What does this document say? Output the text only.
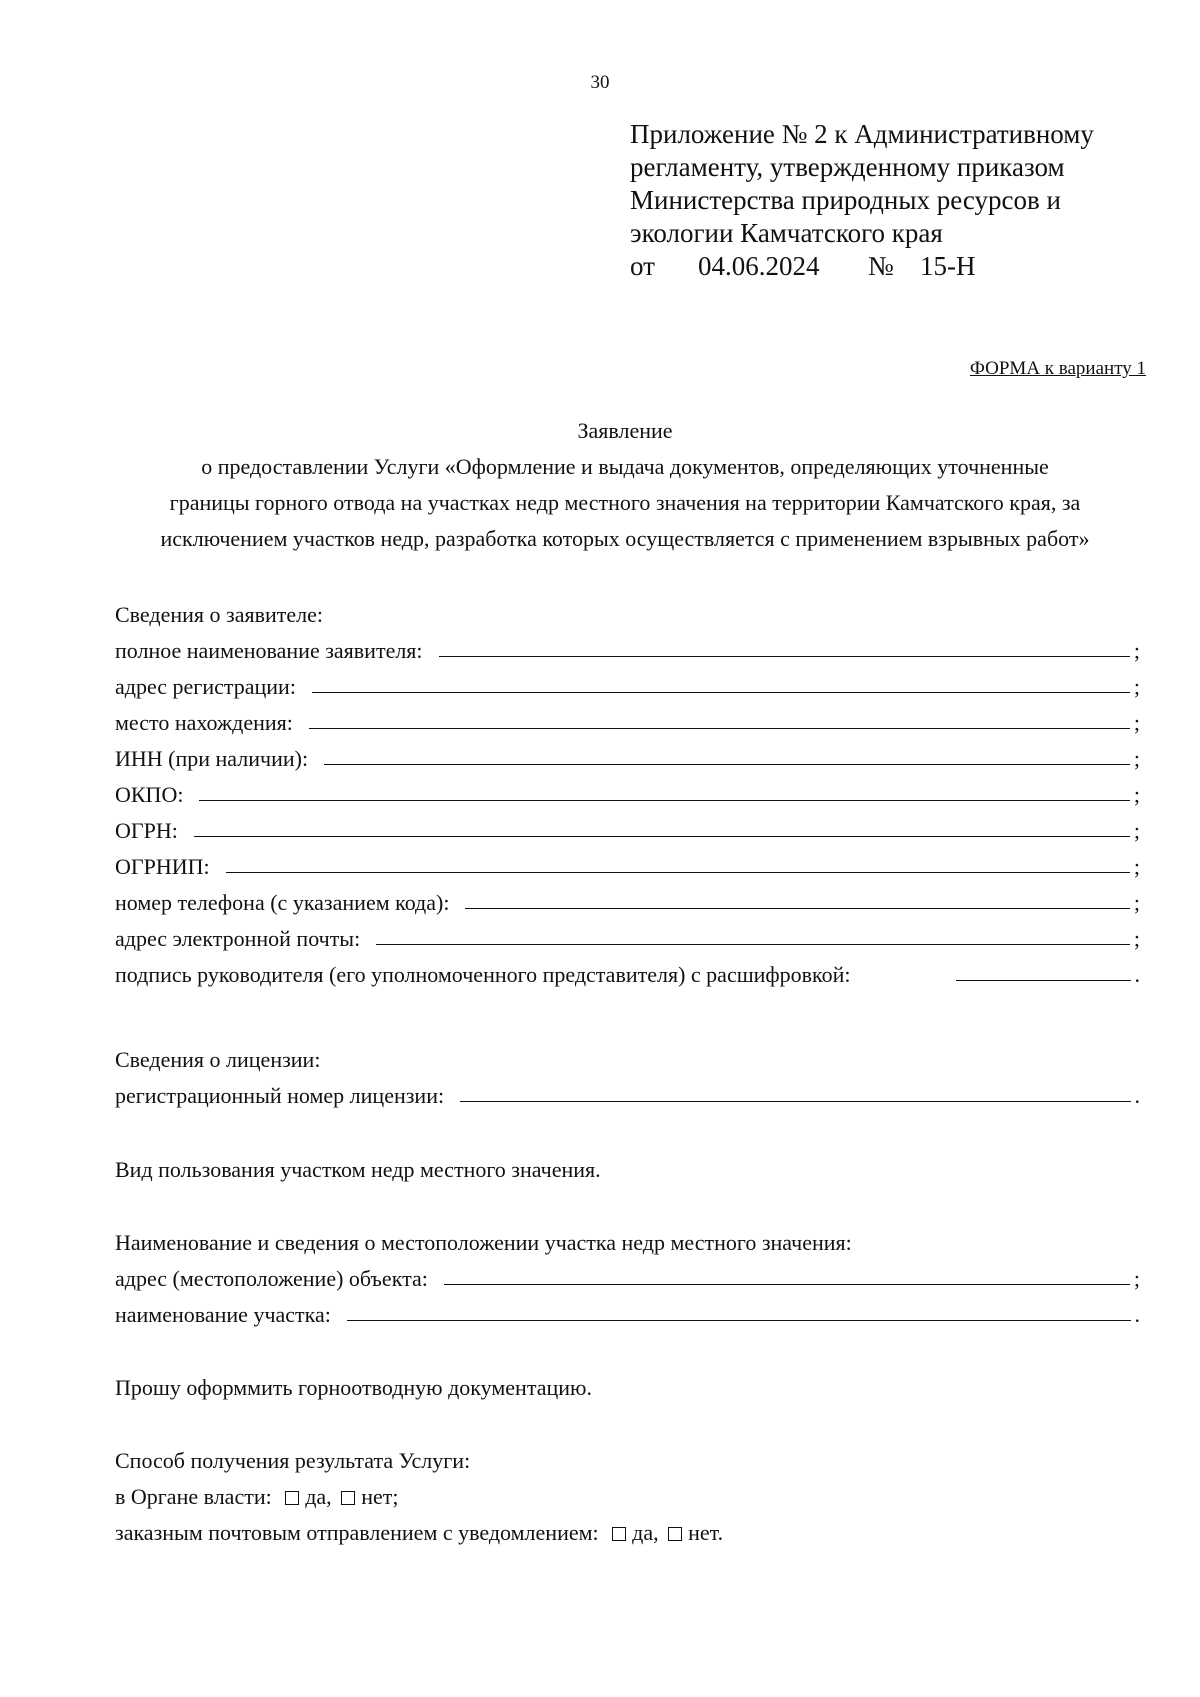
30
Приложение № 2 к Административному
регламенту, утвержденному приказом
Министерства природных ресурсов и
экологии Камчатского края
от	04.06.2024	№ 15-Н
ФОРМА к варианту 1
Заявление
о предоставлении Услуги «Оформление и выдача документов, определяющих уточненные
границы горного отвода на участках недр местного значения на территории Камчатского края, за
исключением участков недр, разработка которых осуществляется с применением взрывных работ»
Сведения о заявителе:
полное наименование заявителя:	;
адрес регистрации:	;
место нахождения:	;
ИНН (при наличии):	;
ОКПО:	;
ОГРН:	;
ОГРНИП:	;
номер телефона (с указанием кода):	;
адрес электронной почты:	;
подпись руководителя (его уполномоченного представителя) с расшифровкой:	.
Сведения о лицензии:
регистрационный номер лицензии:	.
Вид пользования участком недр местного значения.
Наименование и сведения о местоположении участка недр местного значения:
адрес (местоположение) объекта:	;
наименование участка:	.
Прошу оформмить горноотводную документацию.
Способ получения результата Услуги:
в Органе власти: да, нет;
заказным почтовым отправлением с уведомлением: да, нет.
